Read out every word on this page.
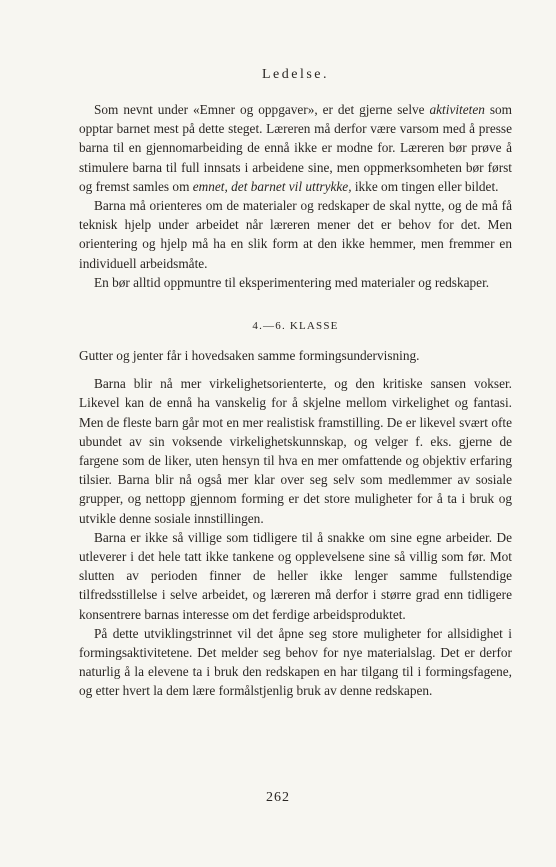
Ledelse.

Som nevnt under «Emner og oppgaver», er det gjerne selve aktiviteten som opptar barnet mest på dette steget. Læreren må derfor være varsom med å presse barna til en gjennomarbeiding de ennå ikke er modne for. Læreren bør prøve å stimulere barna til full innsats i arbeidene sine, men oppmerksomheten bør først og fremst samles om emnet, det barnet vil uttrykke, ikke om tingen eller bildet.

Barna må orienteres om de materialer og redskaper de skal nytte, og de må få teknisk hjelp under arbeidet når læreren mener det er behov for det. Men orientering og hjelp må ha en slik form at den ikke hemmer, men fremmer en individuell arbeidsmåte.

En bør alltid oppmuntre til eksperimentering med materialer og redskaper.

4.—6. KLASSE

Gutter og jenter får i hovedsaken samme formingsundervisning.

Barna blir nå mer virkelighetsorienterte, og den kritiske sansen vokser. Likevel kan de ennå ha vanskelig for å skjelne mellom virkelighet og fantasi. Men de fleste barn går mot en mer realistisk framstilling. De er likevel svært ofte ubundet av sin voksende virkelighetskunnskap, og velger f. eks. gjerne de fargene som de liker, uten hensyn til hva en mer omfattende og objektiv erfaring tilsier. Barna blir nå også mer klar over seg selv som medlemmer av sosiale grupper, og nettopp gjennom forming er det store muligheter for å ta i bruk og utvikle denne sosiale innstillingen.

Barna er ikke så villige som tidligere til å snakke om sine egne arbeider. De utleverer i det hele tatt ikke tankene og opplevelsene sine så villig som før. Mot slutten av perioden finner de heller ikke lenger samme fullstendige tilfredsstillelse i selve arbeidet, og læreren må derfor i større grad enn tidligere konsentrere barnas interesse om det ferdige arbeidsproduktet.

På dette utviklingstrinnet vil det åpne seg store muligheter for allsidighet i formingsaktivitetene. Det melder seg behov for nye materialslag. Det er derfor naturlig å la elevene ta i bruk den redskapen en har tilgang til i formingsfagene, og etter hvert la dem lære formålstjenlig bruk av denne redskapen.

262
